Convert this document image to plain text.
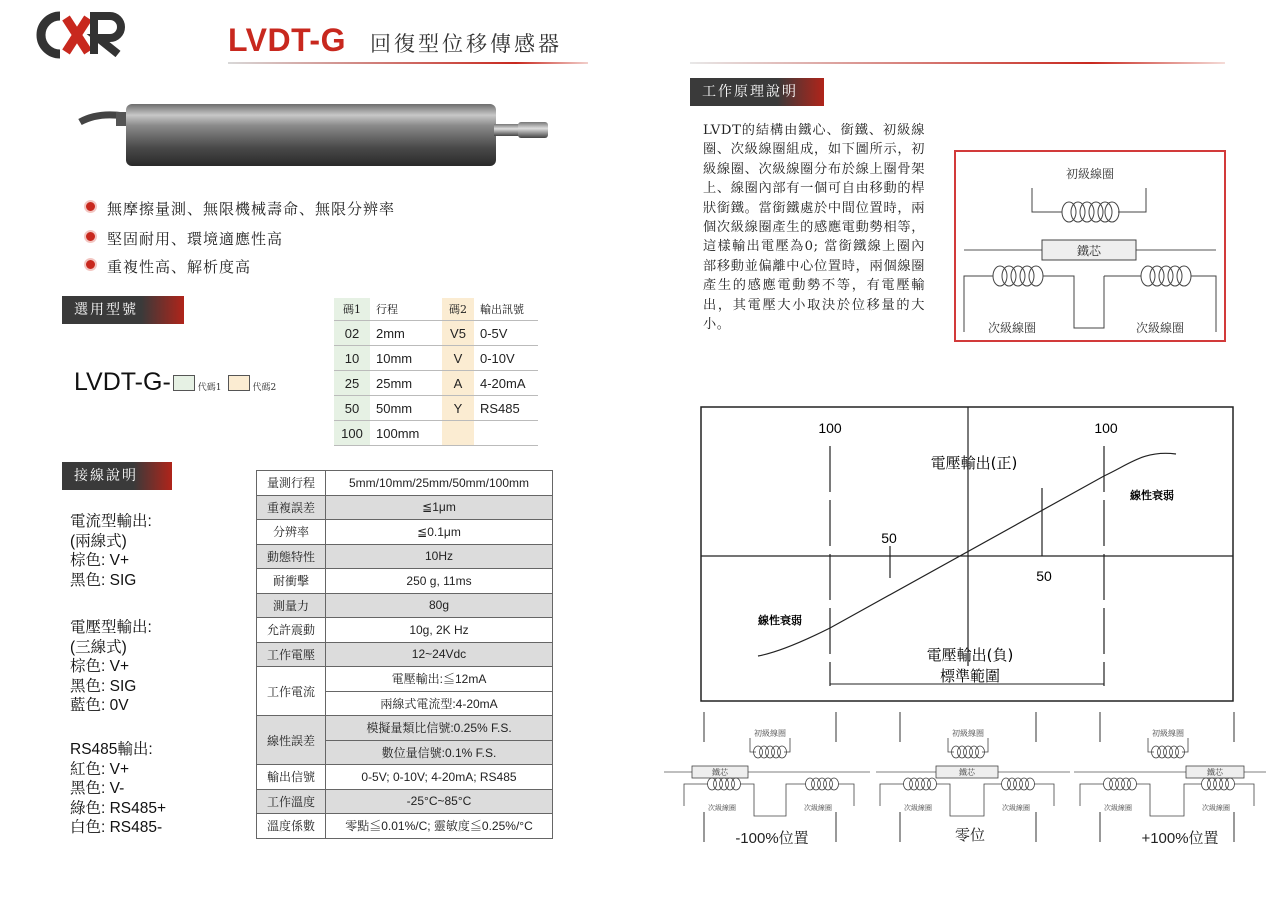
LVDT-G 回復型位移傳感器
無摩擦量測、無限機械壽命、無限分辨率
堅固耐用、環境適應性高
重複性高、解析度高
選用型號
LVDT-G-	代碼1	代碼2
碼1	行程	碼2	輸出訊號
02	2mm	V5	0-5V
10	10mm	V	0-10V
25	25mm	A	4-20mA
50	50mm	Y	RS485
100	100mm		
接線說明
電流型輸出:
(兩線式)
棕色: V+
黑色: SIG
電壓型輸出:
(三線式)
棕色: V+
黑色: SIG
藍色: 0V
RS485輸出:
紅色: V+
黑色: V-
綠色: RS485+
白色: RS485-
量測行程	5mm/10mm/25mm/50mm/100mm
重複誤差	≦1μm
分辨率	≦0.1μm
動態特性	10Hz
耐衝擊	250 g, 11ms
測量力	80g
允許震動	10g, 2K Hz
工作電壓	12~24Vdc
工作電流	電壓輸出:≦12mA
	兩線式電流型:4-20mA
線性誤差	模擬量類比信號:0.25% F.S.
	數位量信號:0.1% F.S.
輸出信號	0-5V; 0-10V; 4-20mA; RS485
工作溫度	-25°C~85°C
溫度係數	零點≦0.01%/C; 靈敏度≦0.25%/°C
工作原理說明
LVDT的結構由鐵心、銜鐵、初級線圈、次級線圈組成，如下圖所示，初級線圈、次級線圈分布於線上圈骨架上、線圈內部有一個可自由移動的桿狀銜鐵。當銜鐵處於中間位置時，兩個次級線圈產生的感應電動勢相等，這樣輸出電壓為0; 當銜鐵線上圈內部移動並偏離中心位置時，兩個線圈產生的感應電動勢不等，有電壓輸出，其電壓大小取決於位移量的大小。
初級線圈
鐵芯
次級線圈	次級線圈
100	100
50
50
電壓輸出(正)
電壓輸出(負)
標準範圍
線性衰弱
線性衰弱
初級線圈
鐵芯
次級線圈	次級線圈
-100%位置
初級線圈
鐵芯
次級線圈	次級線圈
零位
初級線圈
鐵芯
次級線圈	次級線圈
+100%位置
